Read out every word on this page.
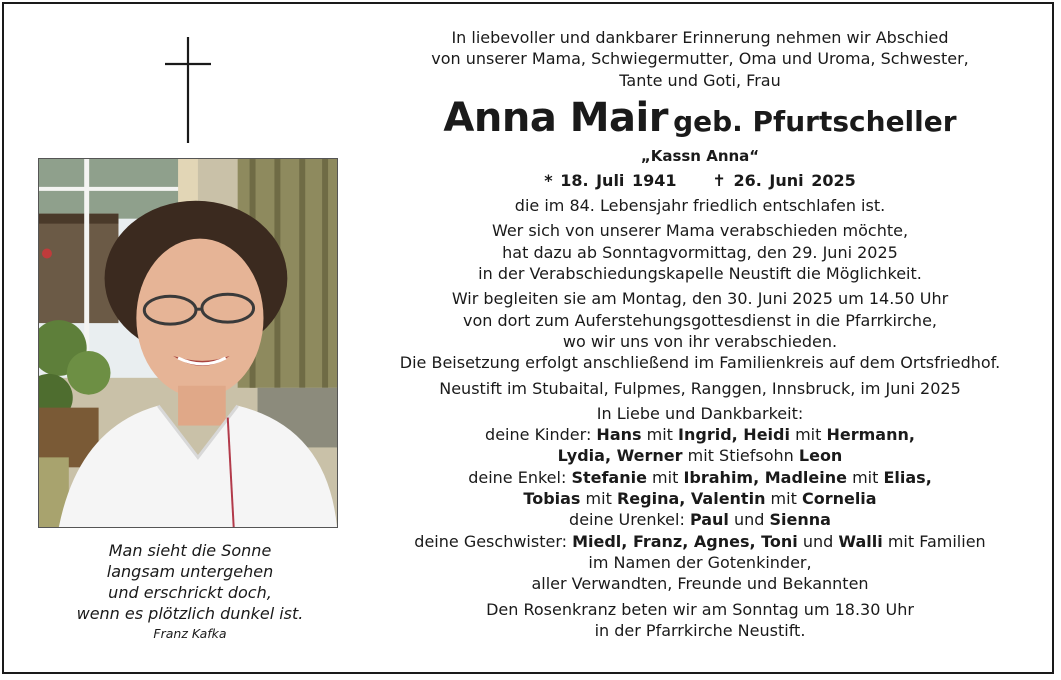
Man sieht die Sonne
langsam untergehen
und erschrickt doch,
wenn es plötzlich dunkel ist.
Franz Kafka
In liebevoller und dankbarer Erinnerung nehmen wir Abschied
von unserer Mama, Schwiegermutter, Oma und Uroma, Schwester,
Tante und Goti, Frau
Anna Mair geb. Pfurtscheller
„Kassn Anna“
* 18. Juli 1941 ✝ 26. Juni 2025
die im 84. Lebensjahr friedlich entschlafen ist.
Wer sich von unserer Mama verabschieden möchte,
hat dazu ab Sonntagvormittag, den 29. Juni 2025
in der Verabschiedungskapelle Neustift die Möglichkeit.
Wir begleiten sie am Montag, den 30. Juni 2025 um 14.50 Uhr
von dort zum Auferstehungsgottesdienst in die Pfarrkirche,
wo wir uns von ihr verabschieden.
Die Beisetzung erfolgt anschließend im Familienkreis auf dem Ortsfriedhof.
Neustift im Stubaital, Fulpmes, Ranggen, Innsbruck, im Juni 2025
In Liebe und Dankbarkeit:
deine Kinder: Hans mit Ingrid, Heidi mit Hermann,
Lydia, Werner mit Stiefsohn Leon
deine Enkel: Stefanie mit Ibrahim, Madleine mit Elias,
Tobias mit Regina, Valentin mit Cornelia
deine Urenkel: Paul und Sienna
deine Geschwister: Miedl, Franz, Agnes, Toni und Walli mit Familien
im Namen der Gotenkinder,
aller Verwandten, Freunde und Bekannten
Den Rosenkranz beten wir am Sonntag um 18.30 Uhr
in der Pfarrkirche Neustift.
